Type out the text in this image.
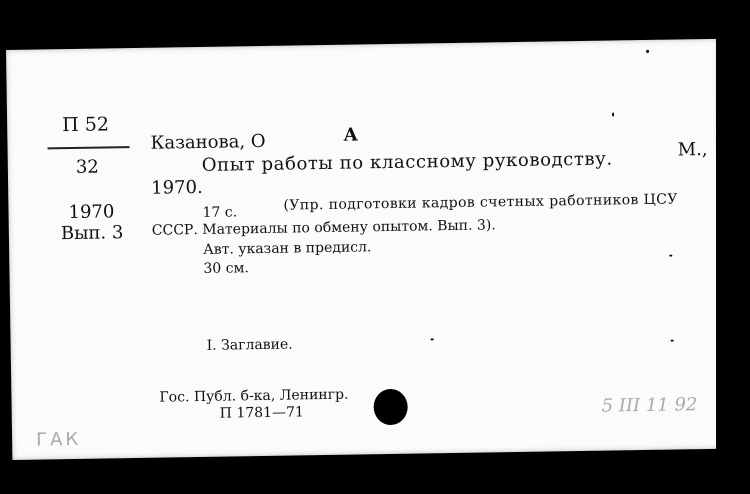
П 52
32
1970
Вып. 3
Казанова, О	А
Опыт работы по классному руководству.	М.,
1970.
17 с.	(Упр. подготовки кадров счетных работников ЦСУ
СССР. Материалы по обмену опытом. Вып. 3).
Авт. указан в предисл.
30 см.
I. Заглавие.
Гос. Публ. б-ка, Ленингр.
П 1781—71
ГАК
5 III 11 92
